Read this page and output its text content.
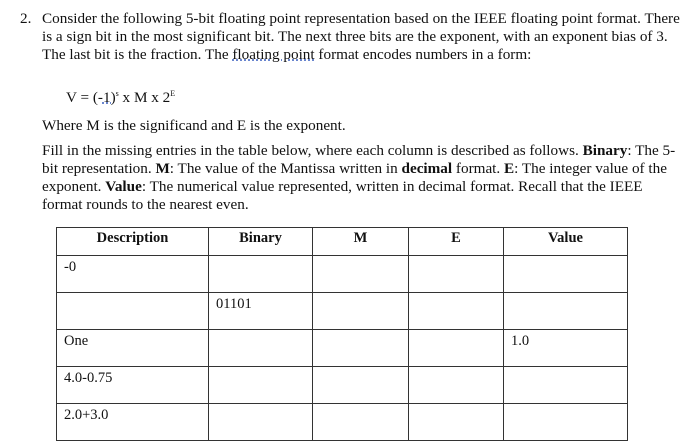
2. Consider the following 5-bit floating point representation based on the IEEE floating point format. There is a sign bit in the most significant bit. The next three bits are the exponent, with an exponent bias of 3. The last bit is the fraction. The floating point format encodes numbers in a form:
$V = (-1)^s$ x M x $2^E$
Where M is the significand and E is the exponent.
Fill in the missing entries in the table below, where each column is described as follows. Binary: The 5-bit representation. M: The value of the Mantissa written in decimal format. E: The integer value of the exponent. Value: The numerical value represented, written in decimal format. Recall that the IEEE format rounds to the nearest even.
Description	Binary	M	E	Value
-0				
	01101			
One				1.0
4.0-0.75				
2.0+3.0				
